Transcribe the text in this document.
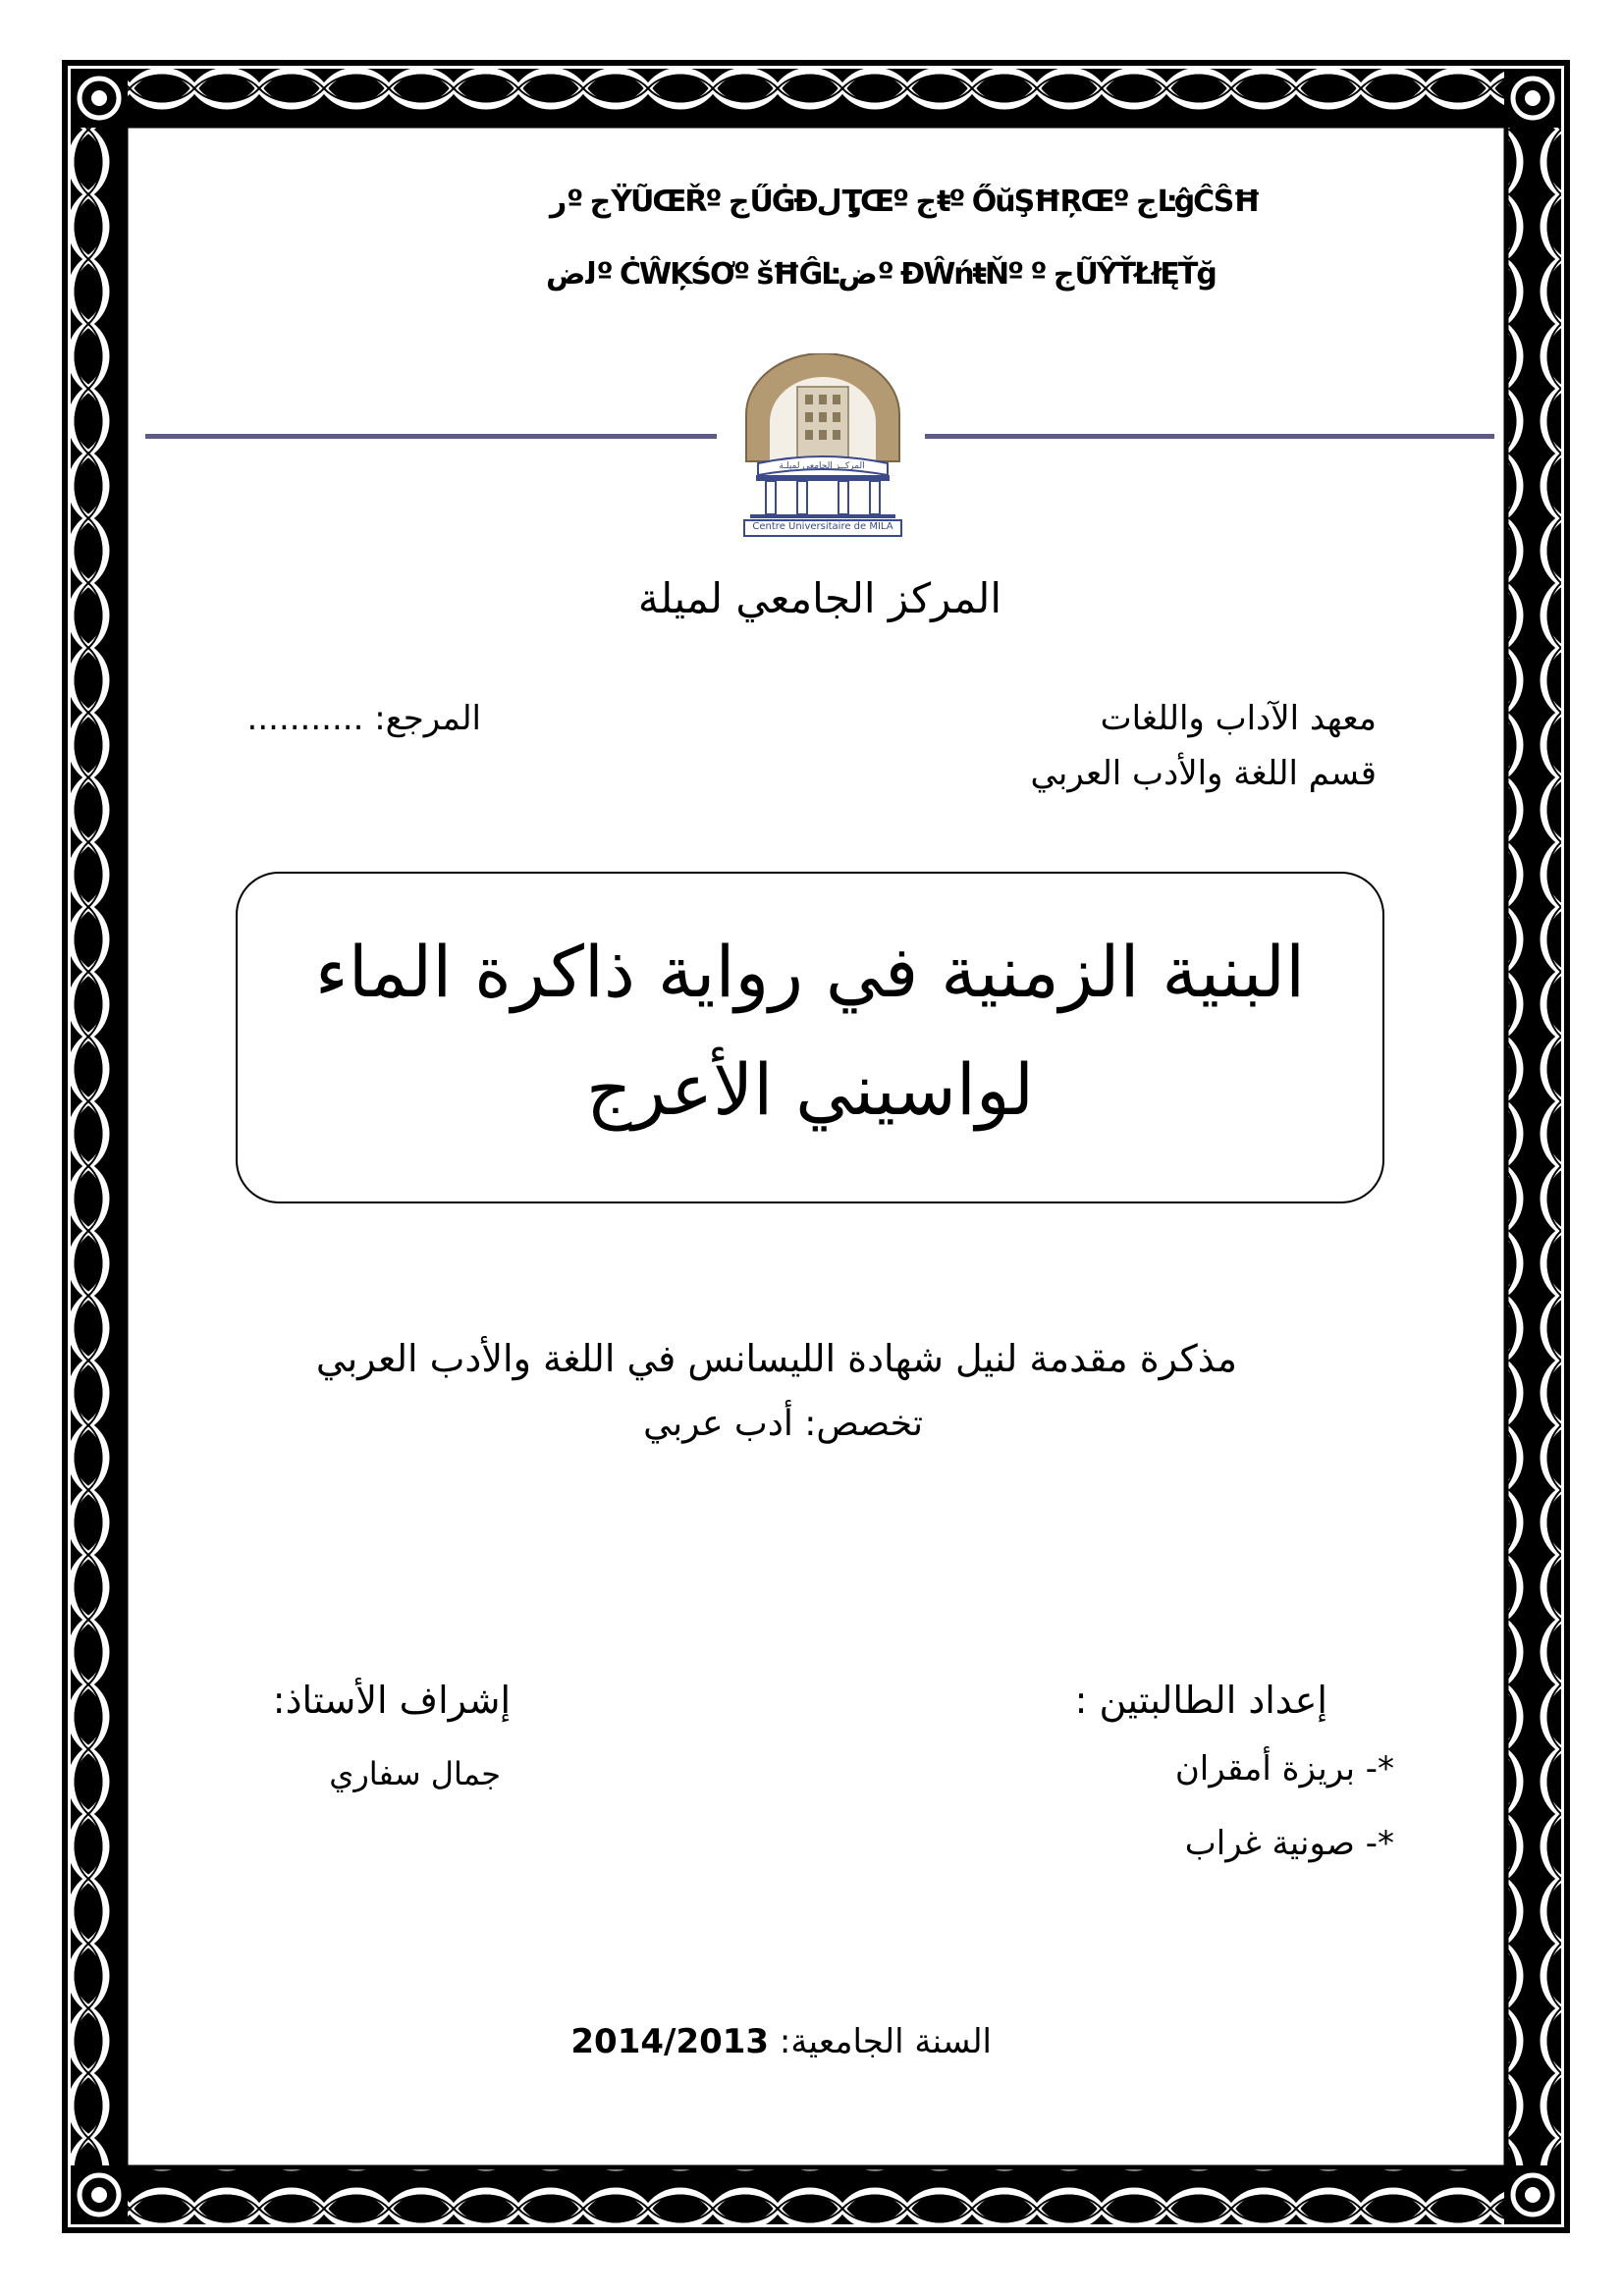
ﺭº ﺝŸŨŒŘº ﺝŰĠĐﻝŢ̡Œº ﺝŧº ŐŭŞĦŖŒº ﺝĿĝĈŜĦ
ﻟﺽº ĊŴĶŚƠº šĦĜĿﺽº ĐŴńŧŇº º ﺝŨŶŤŁłĘŤğ
المركــز الجامعي لميلـة
Centre Universitaire de MILA
المركز الجامعي لميلة
معهد الآداب واللغات
قسم اللغة والأدب العربي
المرجع: ...........
البنية الزمنية في رواية ذاكرة الماء
لواسيني الأعرج
مذكرة مقدمة لنيل شهادة الليسانس في اللغة والأدب العربي
تخصص: أدب عربي
إعداد الطالبتين :
*- بريزة أمقران
*- صونية غراب
إشراف الأستاذ:
جمال سفاري
السنة الجامعية: 2014/2013
